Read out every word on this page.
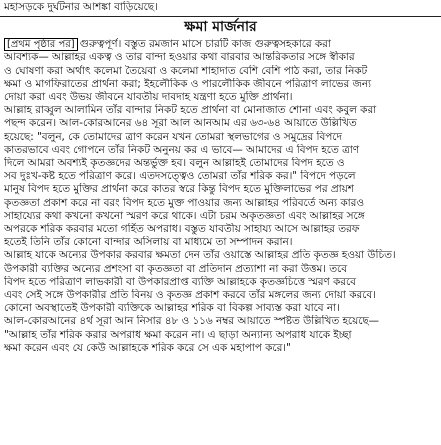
মহাসড়কে দুর্ঘটনার আশঙ্কা বাড়িয়েছে।
ক্ষমা মার্জনার
[প্রথম পৃষ্ঠার পর] গুরুত্বপূর্ণ। বস্তুত রমজান মাসে চারটি কাজ গুরুত্বসহকারে করা
আবশ্যক— আল্লাহর একত্ব ও তার বান্দা হওয়ার কথা বারবার আন্তরিকতার সঙ্গে স্বীকার
ও ঘোষণা করা অর্থাৎ কলেমা তৈয়েবা ও কলেমা শাহাদাত বেশি বেশি পাঠ করা, তার নিকট
ক্ষমা ও মাগফিরাতের প্রার্থনা করা; ইহলৌকিক ও পারলৌকিক জীবনে পরিত্রাণ লাভের জন্য
দোয়া করা এবং উভয় জীবনে যাবতীয় দাবদাহ যন্ত্রণা হতে মুক্তি প্রার্থনা।
আল্লাহ রাব্বুল আলামিন তাঁর বান্দার নিকট হতে প্রার্থনা বা মোনাজাত শোনা এবং কবুল করা
পছন্দ করেন। আল-কোরআনের ৬৪ সূরা আল আনআম এর ৬৩-৬৪ আয়াতে উল্লিখিত
হয়েছে: "বলুন, কে তোমাদের ত্রাণ করেন যখন তোমরা স্থলভাগের ও সমুদ্রের বিপদে
কাতরভাবে এবং গোপনে তাঁর নিকট অনুনয় কর এ ভাবে— আমাদের এ বিপদ হতে ত্রাণ
দিলে আমরা অবশ্যই কৃতজ্ঞদের অন্তর্ভুক্ত হব। বলুন আল্লাহই তোমাদের বিপদ হতে ও
সব দুঃখ-কষ্ট হতে পরিত্রাণ করে। এতদসত্ত্বেও তোমরা তাঁর শরিক কর।" বিপদে পড়লে
মানুষ বিপদ হতে মুক্তির প্রার্থনা করে কাতর স্বরে কিন্তু বিপদ হতে মুক্তিলাভের পর প্রায়শ
কৃতজ্ঞতা প্রকাশ করে না বরং বিপদ হতে মুক্ত পাওয়ার জন্য আল্লাহর পরিবর্তে অন্য কারও
সাহায্যের কথা কখনো কখনো স্মরণ করে থাকে। এটা চরম অকৃতজ্ঞতা এবং আল্লাহর সঙ্গে
অপরকে শরিক করবার মতো গর্হিত অপরাধ। বস্তুত যাবতীয় সাহায্য আসে আল্লাহর তরফ
হতেই তিনি তাঁর কোনো বান্দার অসিলায় বা মাধ্যমে তা সম্পাদন করান।
আল্লাহ যাকে অন্যের উপকার করবার ক্ষমতা দেন তাঁর ওয়াস্তে আল্লাহর প্রতি কৃতজ্ঞ হওয়া উচিত।
উপকারী ব্যক্তির অন্যের প্রশংসা বা কৃতজ্ঞতা বা প্রতিদান প্রত্যাশা না করা উত্তম। তবে
বিপদ হতে পরিত্রাণ লাভকারী বা উপকারপ্রাপ্ত ব্যক্তি আল্লাহকে কৃতজ্ঞচিত্তে স্মরণ করবে
এবং সেই সঙ্গে উপকারীর প্রতি বিনয় ও কৃতজ্ঞ প্রকাশ করবে তাঁর মঙ্গলের জন্য দোয়া করবে।
কোনো অবস্থাতেই উপকারী ব্যক্তিকে আল্লাহর শরিক বা বিকল্প সাব্যস্ত করা যাবে না।
আল-কোরআনের ৪র্থ সূরা আন নিসার ৪৮ ও ১১৬ নম্বর আয়াতে স্পষ্টত উল্লিখিত হয়েছে—
"আল্লাহ তাঁর শরিক করার অপরাধ ক্ষমা করেন না। এ ছাড়া অন্যান্য অপরাধ যাকে ইচ্ছা
ক্ষমা করেন এবং যে কেউ আল্লাহকে শরিক করে সে এক মহাপাপ করে।"
